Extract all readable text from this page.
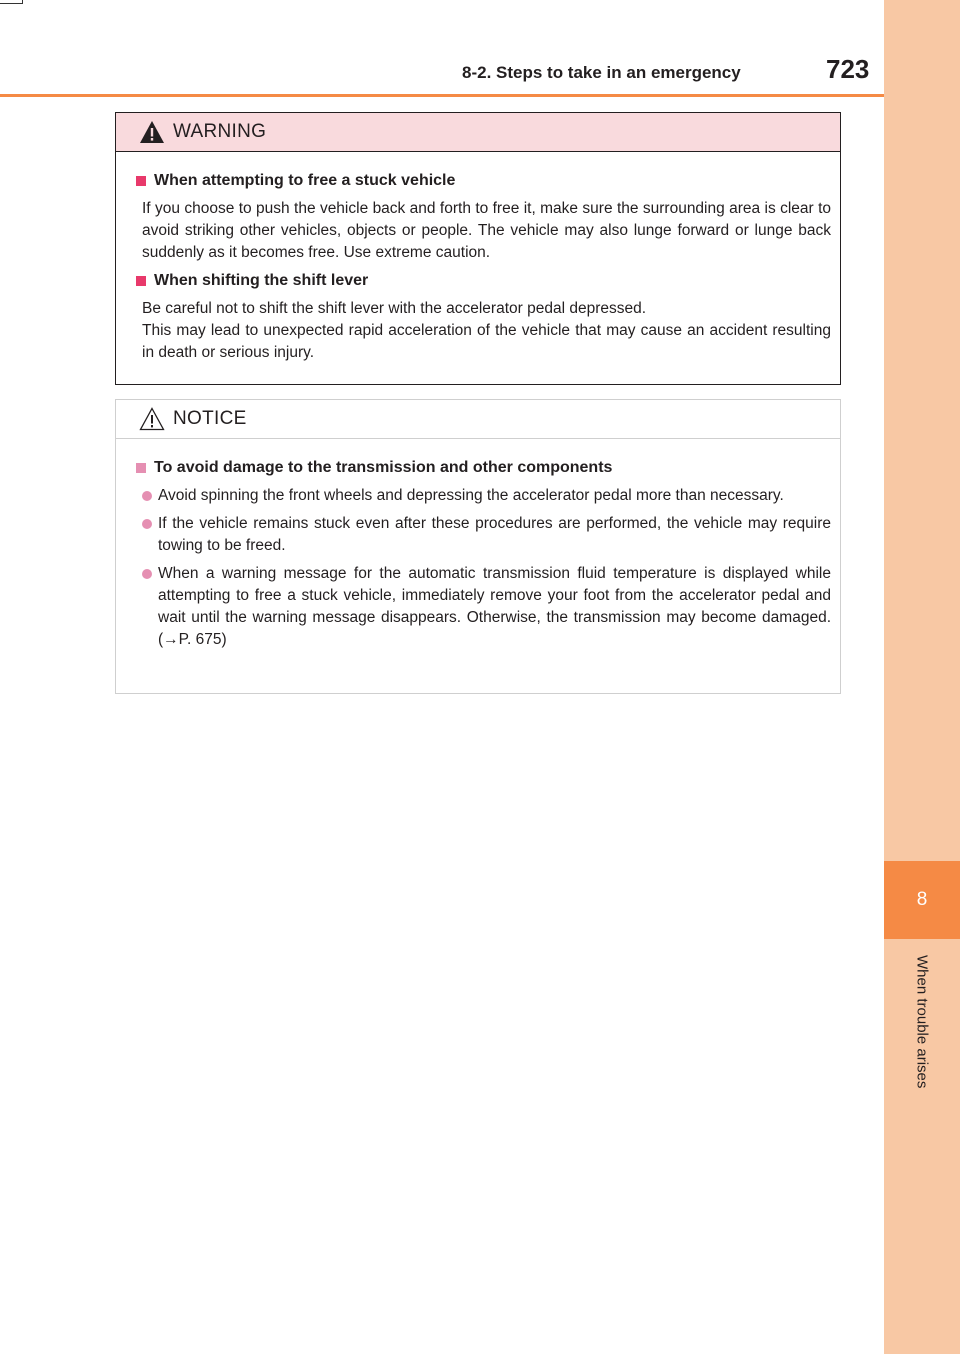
8
When trouble arises
8-2. Steps to take in an emergency	723
WARNING
When attempting to free a stuck vehicle

If you choose to push the vehicle back and forth to free it, make sure the surrounding area is clear to avoid striking other vehicles, objects or people. The vehicle may also lunge forward or lunge back suddenly as it becomes free. Use extreme caution.

When shifting the shift lever

Be careful not to shift the shift lever with the accelerator pedal depressed.

This may lead to unexpected rapid acceleration of the vehicle that may cause an accident resulting in death or serious injury.

NOTICE
To avoid damage to the transmission and other components
Avoid spinning the front wheels and depressing the accelerator pedal more than necessary.
If the vehicle remains stuck even after these procedures are performed, the vehicle may require towing to be freed.
When a warning message for the automatic transmission fluid temperature is displayed while attempting to free a stuck vehicle, immediately remove your foot from the accelerator pedal and wait until the warning message disappears. Otherwise, the transmission may become damaged. (→P. 675)
